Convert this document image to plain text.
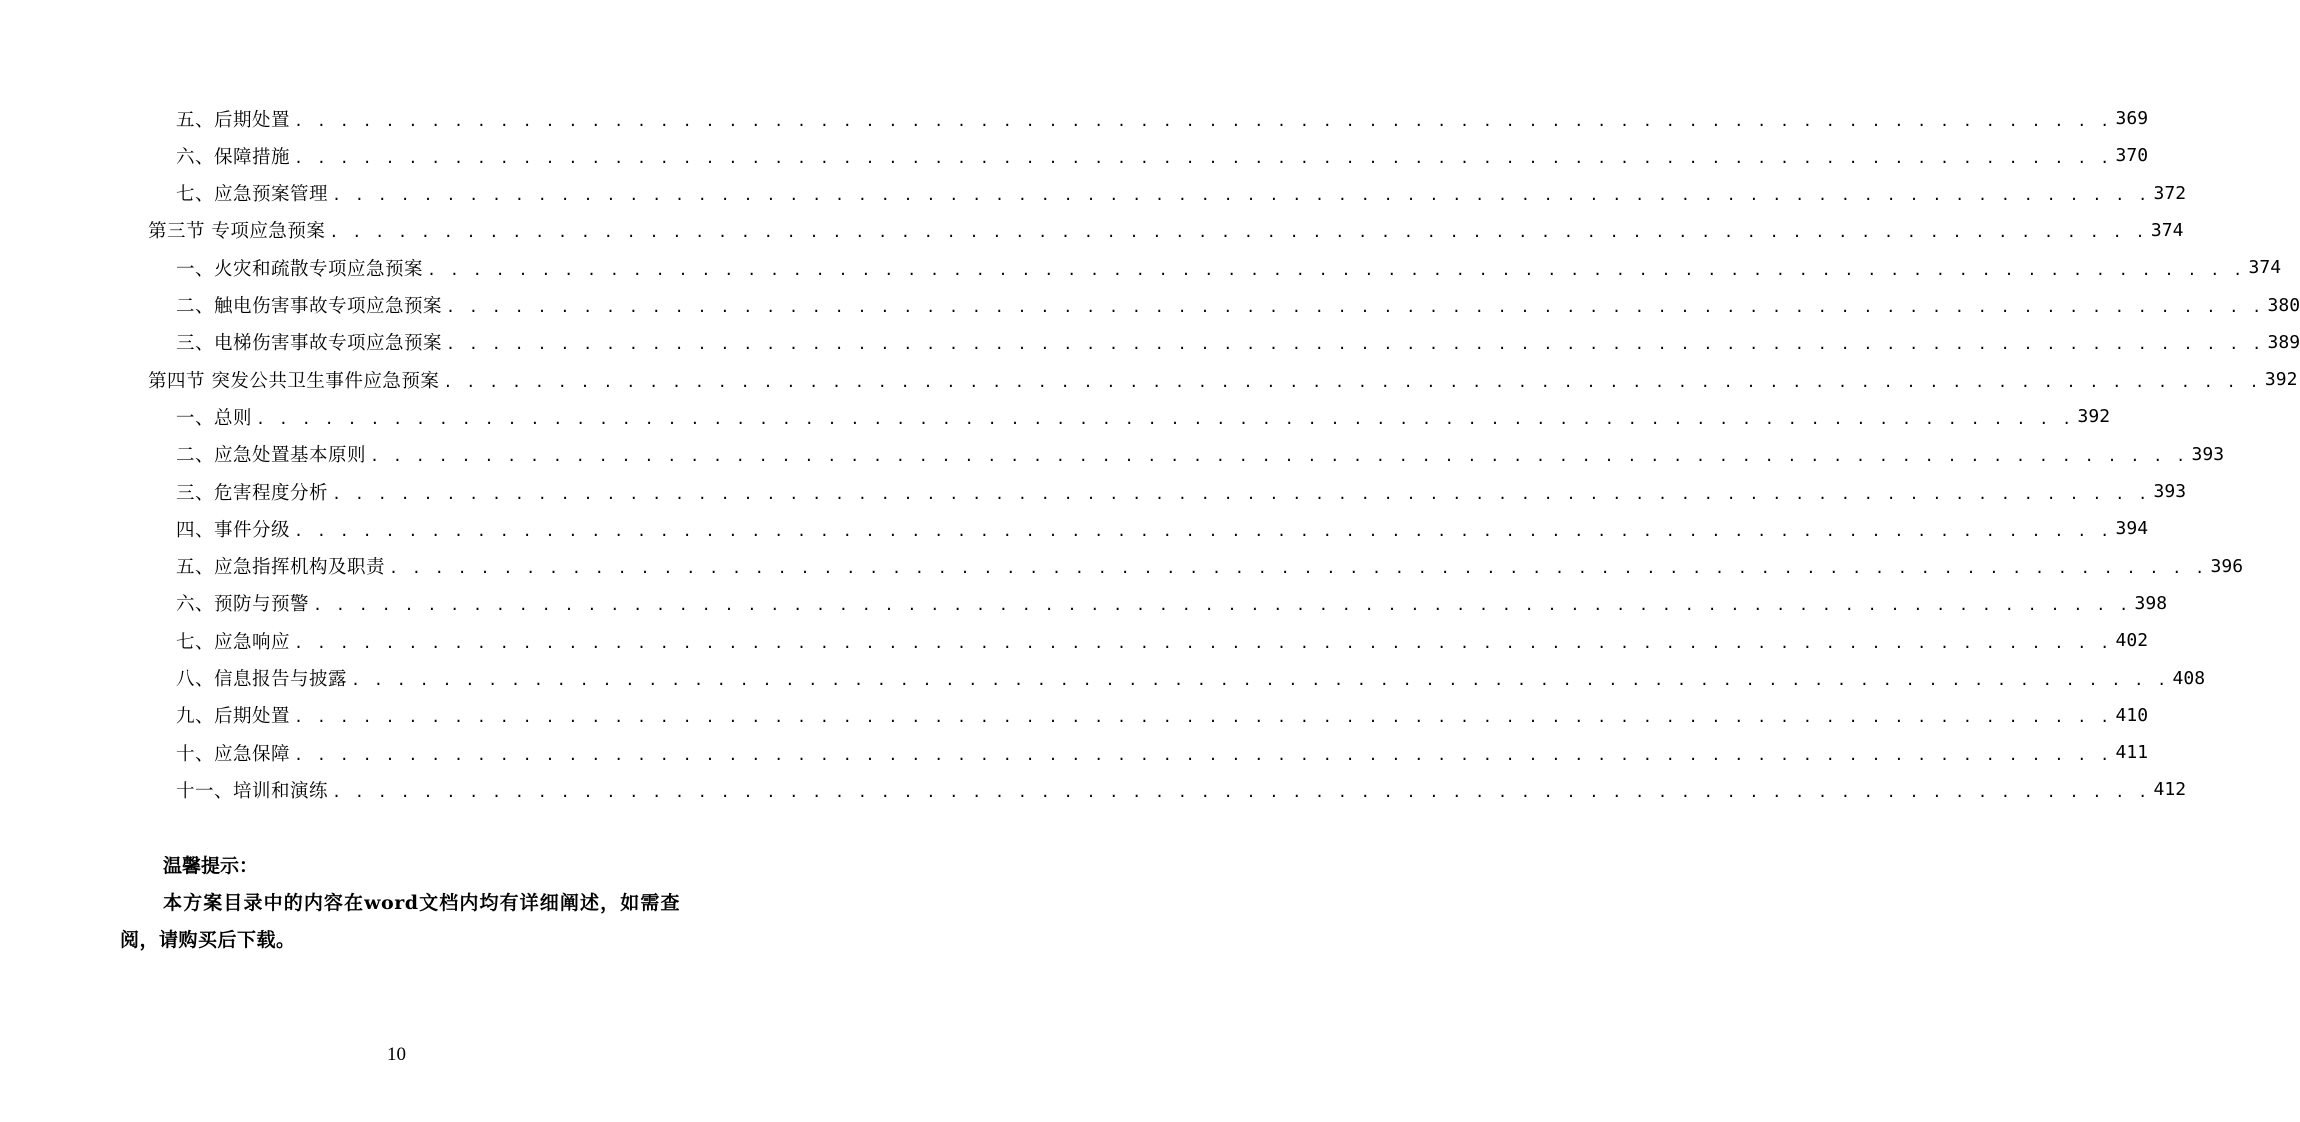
五、后期处置 . . . . . . . . . . . . . . . . . . . . . . . . . . . . . . . . . . . . . . . . . . . . . . . . . . . . . . . . . . . . . . . . . . . . . . . . . . . . . . . . 369
六、保障措施 . . . . . . . . . . . . . . . . . . . . . . . . . . . . . . . . . . . . . . . . . . . . . . . . . . . . . . . . . . . . . . . . . . . . . . . . . . . . . . . . 370
七、应急预案管理 . . . . . . . . . . . . . . . . . . . . . . . . . . . . . . . . . . . . . . . . . . . . . . . . . . . . . . . . . . . . . . . . . . . . . . . . . . . . . . . . 372
第三节 专项应急预案 . . . . . . . . . . . . . . . . . . . . . . . . . . . . . . . . . . . . . . . . . . . . . . . . . . . . . . . . . . . . . . . . . . . . . . . . . . . . . . . . 374
一、火灾和疏散专项应急预案 . . . . . . . . . . . . . . . . . . . . . . . . . . . . . . . . . . . . . . . . . . . . . . . . . . . . . . . . . . . . . . . . . . . . . . . . . . . . . . . . 374
二、触电伤害事故专项应急预案 . . . . . . . . . . . . . . . . . . . . . . . . . . . . . . . . . . . . . . . . . . . . . . . . . . . . . . . . . . . . . . . . . . . . . . . . . . . . . . . . 380
三、电梯伤害事故专项应急预案 . . . . . . . . . . . . . . . . . . . . . . . . . . . . . . . . . . . . . . . . . . . . . . . . . . . . . . . . . . . . . . . . . . . . . . . . . . . . . . . . 389
第四节 突发公共卫生事件应急预案 . . . . . . . . . . . . . . . . . . . . . . . . . . . . . . . . . . . . . . . . . . . . . . . . . . . . . . . . . . . . . . . . . . . . . . . . . . . . . . . . 392
一、总则 . . . . . . . . . . . . . . . . . . . . . . . . . . . . . . . . . . . . . . . . . . . . . . . . . . . . . . . . . . . . . . . . . . . . . . . . . . . . . . . . 392
二、应急处置基本原则 . . . . . . . . . . . . . . . . . . . . . . . . . . . . . . . . . . . . . . . . . . . . . . . . . . . . . . . . . . . . . . . . . . . . . . . . . . . . . . . . 393
三、危害程度分析 . . . . . . . . . . . . . . . . . . . . . . . . . . . . . . . . . . . . . . . . . . . . . . . . . . . . . . . . . . . . . . . . . . . . . . . . . . . . . . . . 393
四、事件分级 . . . . . . . . . . . . . . . . . . . . . . . . . . . . . . . . . . . . . . . . . . . . . . . . . . . . . . . . . . . . . . . . . . . . . . . . . . . . . . . . 394
五、应急指挥机构及职责 . . . . . . . . . . . . . . . . . . . . . . . . . . . . . . . . . . . . . . . . . . . . . . . . . . . . . . . . . . . . . . . . . . . . . . . . . . . . . . . . 396
六、预防与预警 . . . . . . . . . . . . . . . . . . . . . . . . . . . . . . . . . . . . . . . . . . . . . . . . . . . . . . . . . . . . . . . . . . . . . . . . . . . . . . . . 398
七、应急响应 . . . . . . . . . . . . . . . . . . . . . . . . . . . . . . . . . . . . . . . . . . . . . . . . . . . . . . . . . . . . . . . . . . . . . . . . . . . . . . . . 402
八、信息报告与披露 . . . . . . . . . . . . . . . . . . . . . . . . . . . . . . . . . . . . . . . . . . . . . . . . . . . . . . . . . . . . . . . . . . . . . . . . . . . . . . . . 408
九、后期处置 . . . . . . . . . . . . . . . . . . . . . . . . . . . . . . . . . . . . . . . . . . . . . . . . . . . . . . . . . . . . . . . . . . . . . . . . . . . . . . . . 410
十、应急保障 . . . . . . . . . . . . . . . . . . . . . . . . . . . . . . . . . . . . . . . . . . . . . . . . . . . . . . . . . . . . . . . . . . . . . . . . . . . . . . . . 411
十一、培训和演练 . . . . . . . . . . . . . . . . . . . . . . . . . . . . . . . . . . . . . . . . . . . . . . . . . . . . . . . . . . . . . . . . . . . . . . . . . . . . . . . . 412
温馨提示：
本方案目录中的内容在word文档内均有详细阐述，如需查阅，请购买后下载。
10
